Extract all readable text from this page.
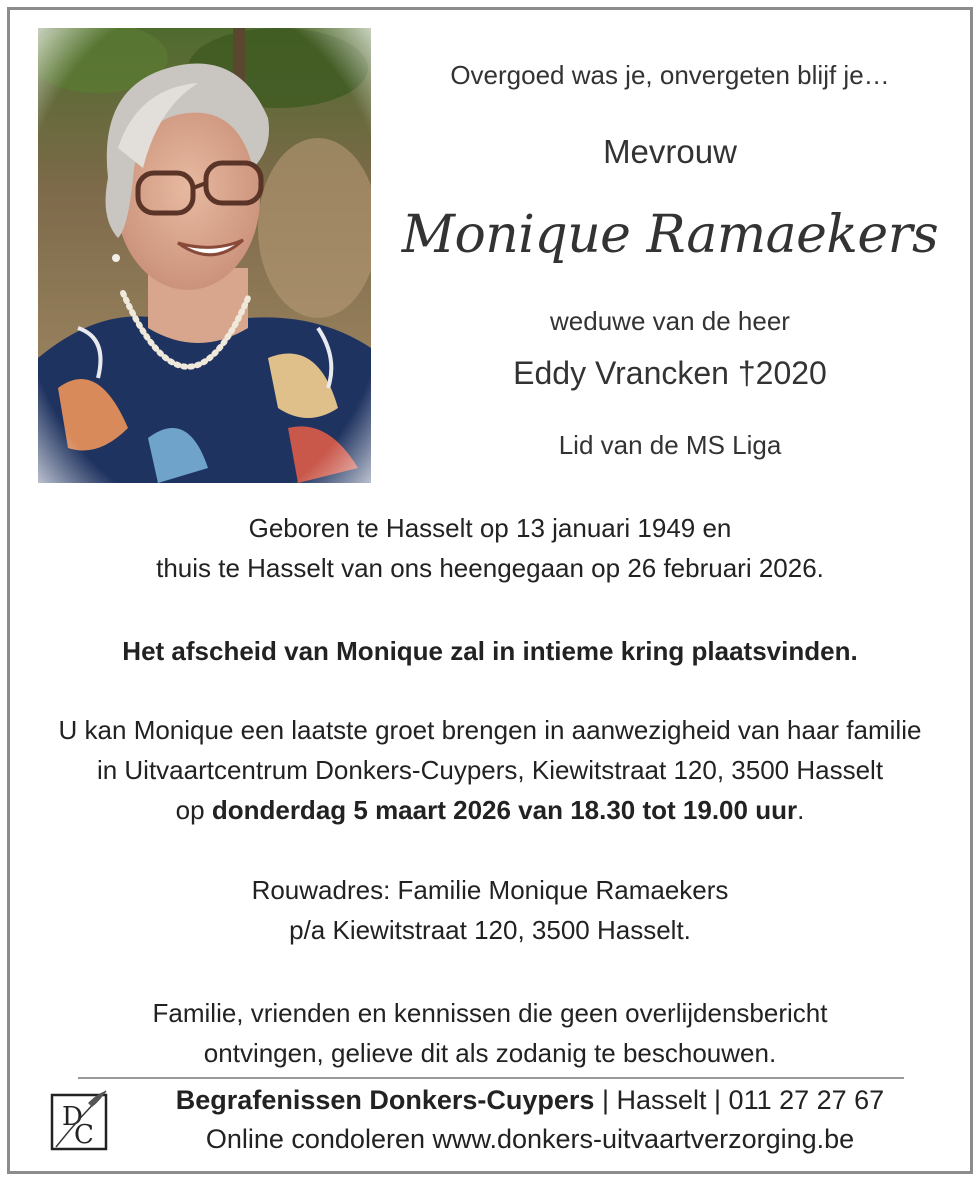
Overgoed was je, onvergeten blijf je…
Mevrouw
Monique Ramaekers
weduwe van de heer
Eddy Vrancken †2020
Lid van de MS Liga
Geboren te Hasselt op 13 januari 1949 en
thuis te Hasselt van ons heengegaan op 26 februari 2026.
Het afscheid van Monique zal in intieme kring plaatsvinden.
U kan Monique een laatste groet brengen in aanwezigheid van haar familie
in Uitvaartcentrum Donkers-Cuypers, Kiewitstraat 120, 3500 Hasselt
op donderdag 5 maart 2026 van 18.30 tot 19.00 uur.
Rouwadres: Familie Monique Ramaekers
p/a Kiewitstraat 120, 3500 Hasselt.
Familie, vrienden en kennissen die geen overlijdensbericht
ontvingen, gelieve dit als zodanig te beschouwen.
D
C
Begrafenissen Donkers-Cuypers | Hasselt | 011 27 27 67
Online condoleren www.donkers-uitvaartverzorging.be
